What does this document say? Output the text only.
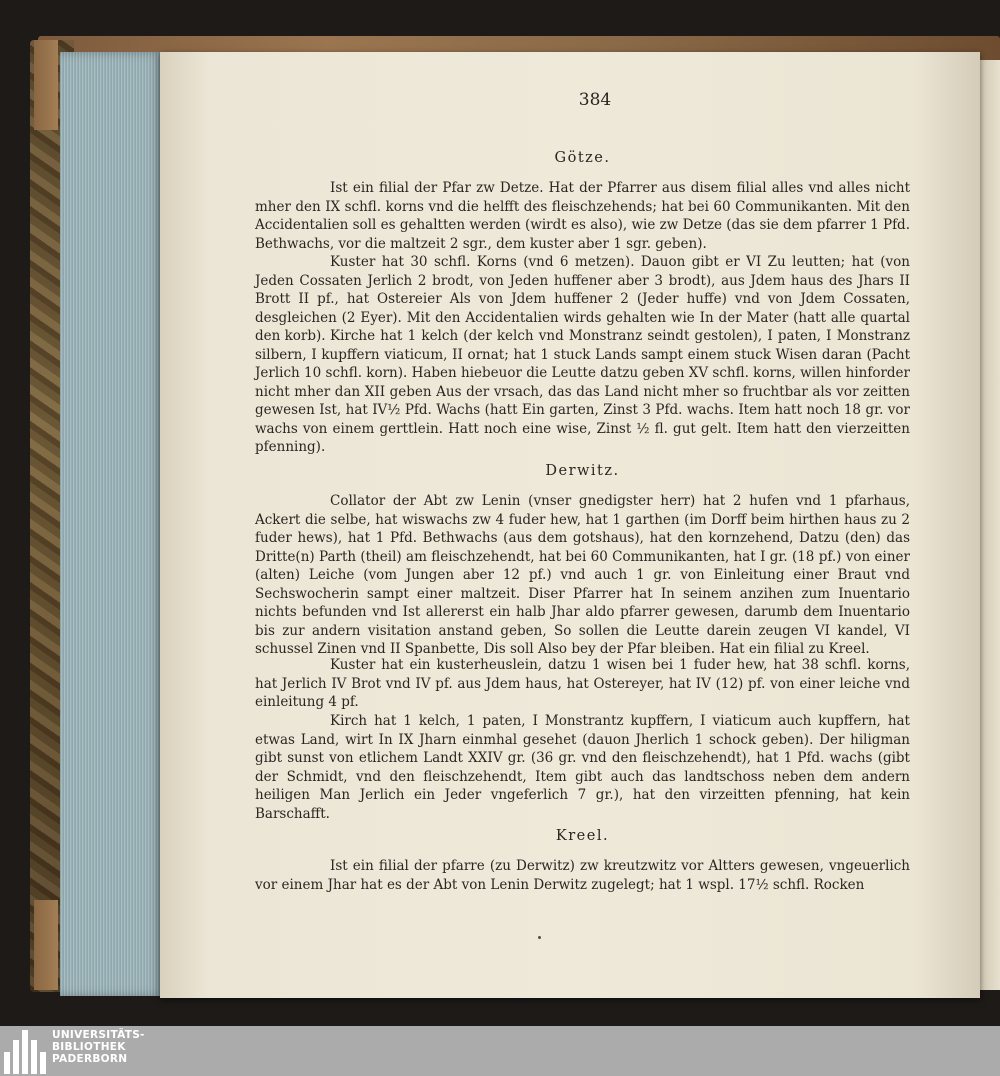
384
Götze.

Ist ein filial der Pfar zw Detze. Hat der Pfarrer aus disem filial alles vnd alles nicht mher den IX schfl. korns vnd die helfft des fleischzehends; hat bei 60 Communikanten. Mit den Accidentalien soll es gehaltten werden (wirdt es also), wie zw Detze (das sie dem pfarrer 1 Pfd. Bethwachs, vor die maltzeit 2 sgr., dem kuster aber 1 sgr. geben).

Kuster hat 30 schfl. Korns (vnd 6 metzen). Dauon gibt er VI Zu leutten; hat (von Jeden Cossaten Jerlich 2 brodt, von Jeden huffener aber 3 brodt), aus Jdem haus des Jhars II Brott II pf., hat Ostereier Als von Jdem huffener 2 (Jeder huffe) vnd von Jdem Cossaten, desgleichen (2 Eyer). Mit den Accidentalien wirds gehalten wie In der Mater (hatt alle quartal den korb). Kirche hat 1 kelch (der kelch vnd Monstranz seindt gestolen), I paten, I Monstranz silbern, I kupffern viaticum, II ornat; hat 1 stuck Lands sampt einem stuck Wisen daran (Pacht Jerlich 10 schfl. korn). Haben hiebeuor die Leutte datzu geben XV schfl. korns, willen hinforder nicht mher dan XII geben Aus der vrsach, das das Land nicht mher so fruchtbar als vor zeitten gewesen Ist, hat IV½ Pfd. Wachs (hatt Ein garten, Zinst 3 Pfd. wachs. Item hatt noch 18 gr. vor wachs von einem gerttlein. Hatt noch eine wise, Zinst ½ fl. gut gelt. Item hatt den vierzeitten pfenning).

Derwitz.

Collator der Abt zw Lenin (vnser gnedigster herr) hat 2 hufen vnd 1 pfarhaus, Ackert die selbe, hat wiswachs zw 4 fuder hew, hat 1 garthen (im Dorff beim hirthen haus zu 2 fuder hews), hat 1 Pfd. Bethwachs (aus dem gotshaus), hat den kornzehend, Datzu (den) das Dritte(n) Parth (theil) am fleischzehendt, hat bei 60 Communikanten, hat I gr. (18 pf.) von einer (alten) Leiche (vom Jungen aber 12 pf.) vnd auch 1 gr. von Einleitung einer Braut vnd Sechswocherin sampt einer maltzeit. Diser Pfarrer hat In seinem anzihen zum Inuentario nichts befunden vnd Ist allererst ein halb Jhar aldo pfarrer gewesen, darumb dem Inuentario bis zur andern visitation anstand geben, So sollen die Leutte darein zeugen VI kandel, VI schussel Zinen vnd II Spanbette, Dis soll Also bey der Pfar bleiben. Hat ein filial zu Kreel.

Kuster hat ein kusterheuslein, datzu 1 wisen bei 1 fuder hew, hat 38 schfl. korns, hat Jerlich IV Brot vnd IV pf. aus Jdem haus, hat Ostereyer, hat IV (12) pf. von einer leiche vnd einleitung 4 pf.

Kirch hat 1 kelch, 1 paten, I Monstrantz kupffern, I viaticum auch kupffern, hat etwas Land, wirt In IX Jharn einmhal gesehet (dauon Jherlich 1 schock geben). Der hiligman gibt sunst von etlichem Landt XXIV gr. (36 gr. vnd den fleischzehendt), hat 1 Pfd. wachs (gibt der Schmidt, vnd den fleischzehendt, Item gibt auch das landtschoss neben dem andern heiligen Man Jerlich ein Jeder vngeferlich 7 gr.), hat den virzeitten pfenning, hat kein Barschafft.

Kreel.

Ist ein filial der pfarre (zu Derwitz) zw kreutzwitz vor Altters gewesen, vngeuerlich vor einem Jhar hat es der Abt von Lenin Derwitz zugelegt; hat 1 wspl. 17½ schfl. Rocken

UNIVERSITÄTS-
BIBLIOTHEK
PADERBORN
